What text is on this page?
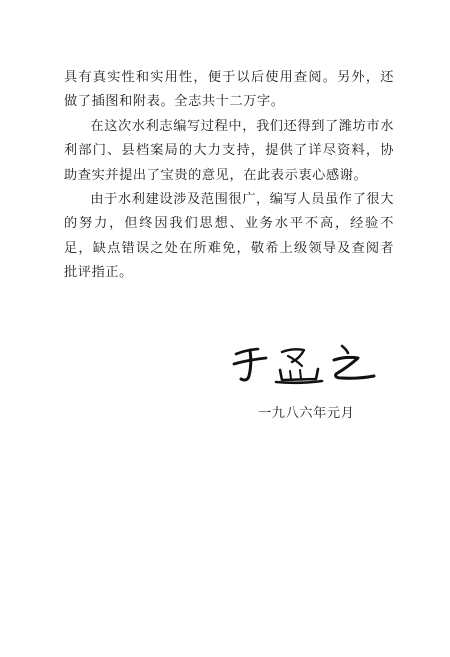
具有真实性和实用性，便于以后使用查阅。另外，还做了插图和附表。全志共十二万字。

在这次水利志编写过程中，我们还得到了潍坊市水利部门、县档案局的大力支持，提供了详尽资料，协助查实并提出了宝贵的意见，在此表示衷心感谢。

由于水利建设涉及范围很广，编写人员虽作了很大的努力，但终因我们思想、业务水平不高，经验不足，缺点错误之处在所难免，敬希上级领导及查阅者批评指正。

一九八六年元月
